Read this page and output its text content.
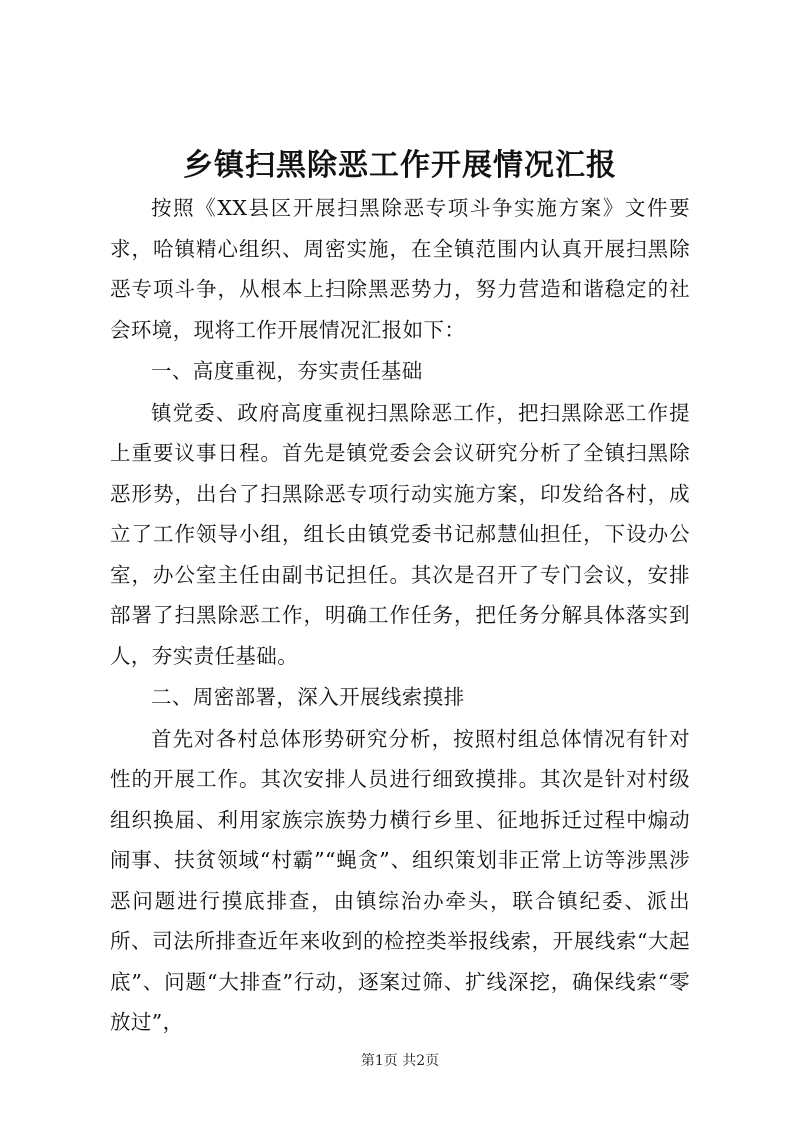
乡镇扫黑除恶工作开展情况汇报

按照《XX县区开展扫黑除恶专项斗争实施方案》文件要求，哈镇精心组织、周密实施，在全镇范围内认真开展扫黑除恶专项斗争，从根本上扫除黑恶势力，努力营造和谐稳定的社会环境，现将工作开展情况汇报如下：

一、高度重视，夯实责任基础

镇党委、政府高度重视扫黑除恶工作，把扫黑除恶工作提上重要议事日程。首先是镇党委会会议研究分析了全镇扫黑除恶形势，出台了扫黑除恶专项行动实施方案，印发给各村，成立了工作领导小组，组长由镇党委书记郝慧仙担任，下设办公室，办公室主任由副书记担任。其次是召开了专门会议，安排部署了扫黑除恶工作，明确工作任务，把任务分解具体落实到人，夯实责任基础。

二、周密部署，深入开展线索摸排

首先对各村总体形势研究分析，按照村组总体情况有针对性的开展工作。其次安排人员进行细致摸排。其次是针对村级组织换届、利用家族宗族势力横行乡里、征地拆迁过程中煽动闹事、扶贫领域“村霸”“蝇贪”、组织策划非正常上访等涉黑涉恶问题进行摸底排查，由镇综治办牵头，联合镇纪委、派出所、司法所排查近年来收到的检控类举报线索，开展线索“大起底”、问题“大排查”行动，逐案过筛、扩线深挖，确保线索“零放过”，

第1页 共2页
